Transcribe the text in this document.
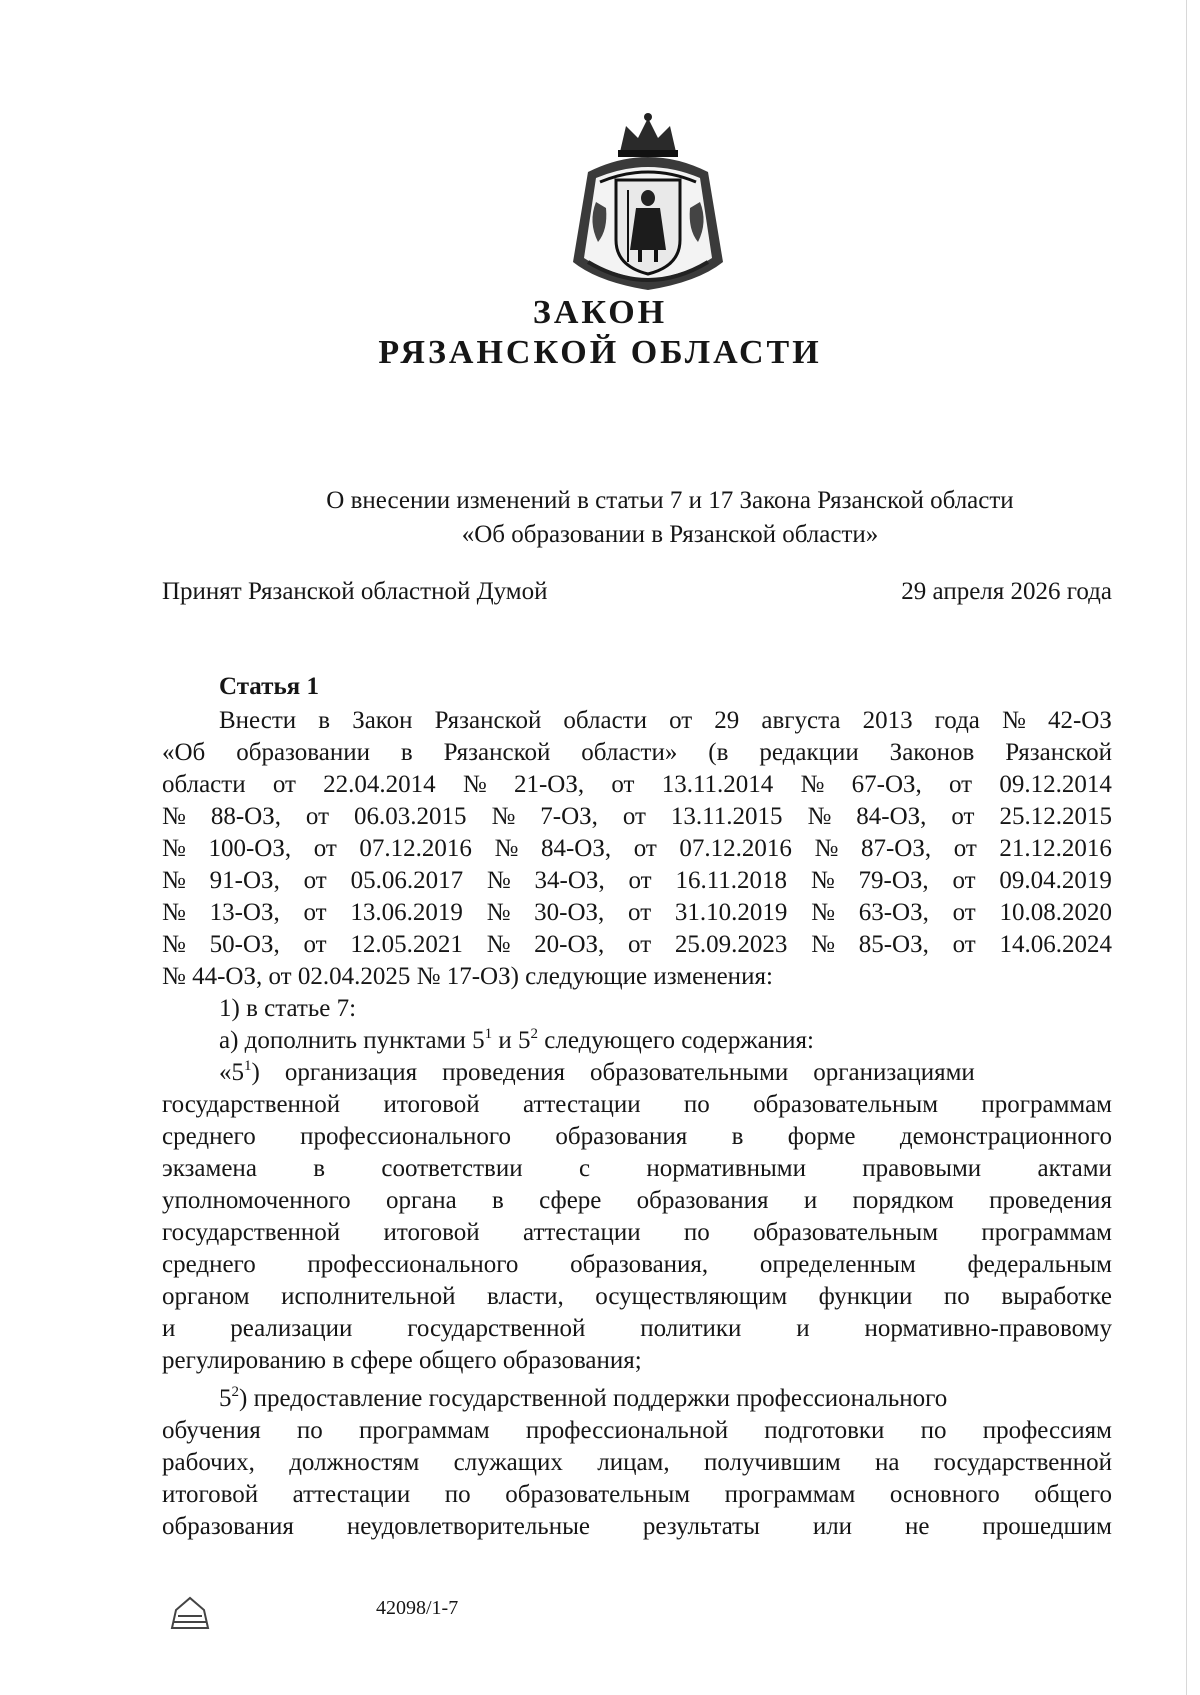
ЗАКОН
РЯЗАНСКОЙ ОБЛАСТИ
О внесении изменений в статьи 7 и 17 Закона Рязанской области
«Об образовании в Рязанской области»
Принят Рязанской областной Думой	29 апреля 2026 года
Статья 1
Внести в Закон Рязанской области от 29 августа 2013 года № 42-ОЗ
«Об образовании в Рязанской области» (в редакции Законов Рязанской
области от 22.04.2014 № 21-ОЗ, от 13.11.2014 № 67-ОЗ, от 09.12.2014
№ 88-ОЗ, от 06.03.2015 № 7-ОЗ, от 13.11.2015 № 84-ОЗ, от 25.12.2015
№ 100-ОЗ, от 07.12.2016 № 84-ОЗ, от 07.12.2016 № 87-ОЗ, от 21.12.2016
№ 91-ОЗ, от 05.06.2017 № 34-ОЗ, от 16.11.2018 № 79-ОЗ, от 09.04.2019
№ 13-ОЗ, от 13.06.2019 № 30-ОЗ, от 31.10.2019 № 63-ОЗ, от 10.08.2020
№ 50-ОЗ, от 12.05.2021 № 20-ОЗ, от 25.09.2023 № 85-ОЗ, от 14.06.2024
№ 44-ОЗ, от 02.04.2025 № 17-ОЗ) следующие изменения:
1) в статье 7:
а) дополнить пунктами $5^1$ и $5^2$ следующего содержания:
«$5^1$)    организация    проведения    образовательными    организациями
государственной итоговой аттестации по образовательным программам
среднего профессионального образования в форме демонстрационного
экзамена в соответствии с нормативными правовыми актами
уполномоченного органа в сфере образования и порядком проведения
государственной итоговой аттестации по образовательным программам
среднего профессионального образования, определенным федеральным
органом исполнительной власти, осуществляющим функции по выработке
и реализации государственной политики и нормативно-правовому
регулированию в сфере общего образования;
$5^2$) предоставление государственной поддержки профессионального
обучения по программам профессиональной подготовки по профессиям
рабочих, должностям служащих лицам, получившим на государственной
итоговой аттестации по образовательным программам основного общего
образования неудовлетворительные результаты или не прошедшим
42098/1-7
